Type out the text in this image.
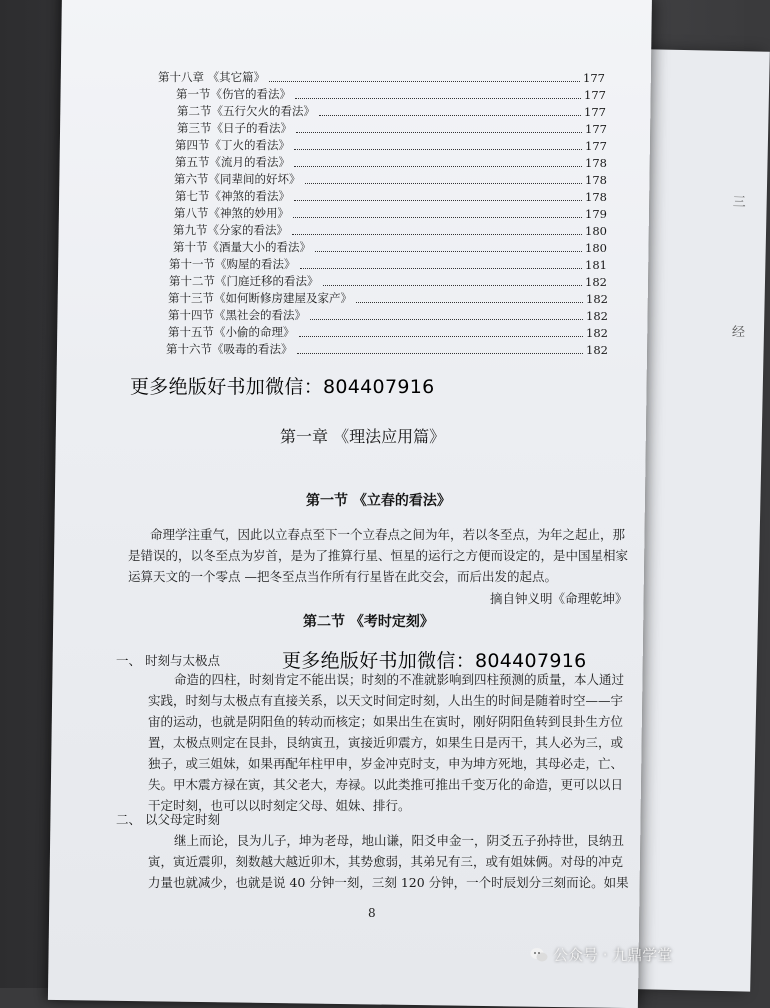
三
经
第十八章 《其它篇》	177
第一节《伤官的看法》	177
第二节《五行欠火的看法》	177
第三节《日子的看法》	177
第四节《丁火的看法》	177
第五节《流月的看法》	178
第六节《同辈间的好坏》	178
第七节《神煞的看法》	178
第八节《神煞的妙用》	179
第九节《分家的看法》	180
第十节《酒量大小的看法》	180
第十一节《购屋的看法》	181
第十二节《门庭迁移的看法》	182
第十三节《如何断修房建屋及家产》	182
第十四节《黑社会的看法》	182
第十五节《小偷的命理》	182
第十六节《吸毒的看法》	182
更多绝版好书加微信：804407916
第一章 《理法应用篇》
第一节 《立春的看法》
命理学注重气，因此以立春点至下一个立春点之间为年，若以冬至点，为年之起止，那
是错误的，以冬至点为岁首，是为了推算行星、恒星的运行之方便而设定的，是中国星相家
运算天文的一个零点 —把冬至点当作所有行星皆在此交会，而后出发的起点。
摘自钟义明《命理乾坤》
第二节 《考时定刻》
一、 时刻与太极点	更多绝版好书加微信：804407916
命造的四柱，时刻肯定不能出误；时刻的不准就影响到四柱预测的质量，本人通过
实践，时刻与太极点有直接关系，以天文时间定时刻，人出生的时间是随着时空——宇
宙的运动，也就是阴阳鱼的转动而核定；如果出生在寅时，刚好阴阳鱼转到艮卦生方位
置，太极点则定在艮卦，艮纳寅丑，寅接近卯震方，如果生日是丙干，其人必为三，或
独子，或三姐妹，如果再配年柱甲申，岁金冲克时支，申为坤方死地，其母必走，亡、
失。甲木震方禄在寅，其父老大，寿禄。以此类推可推出千变万化的命造，更可以以日
干定时刻，也可以以时刻定父母、姐妹、排行。
二、 以父母定时刻
继上而论，艮为儿子，坤为老母，地山谦，阳爻申金一，阴爻五子孙持世，艮纳丑
寅，寅近震卯，刻数越大越近卯木，其势愈弱，其弟兄有三，或有姐妹俩。对母的冲克
力量也就减少，也就是说 40 分钟一刻，三刻 120 分钟，一个时辰划分三刻而论。如果
8
公众号 · 九鼎学堂
